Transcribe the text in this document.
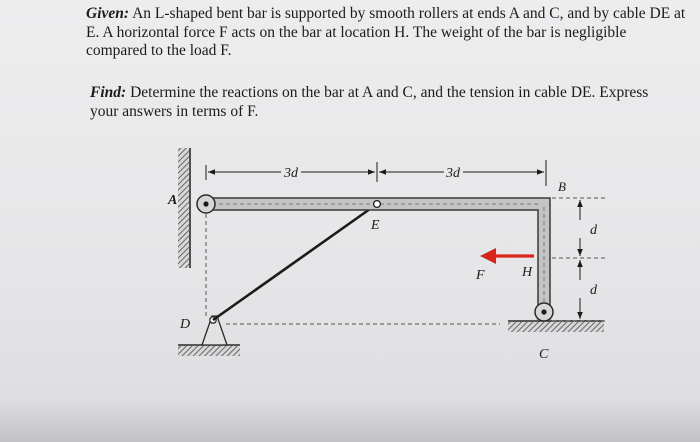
Given: An L-shaped bent bar is supported by smooth rollers at ends A and C, and by cable DE at E. A horizontal force F acts on the bar at location H. The weight of the bar is negligible compared to the load F.

Find: Determine the reactions on the bar at A and C, and the tension in cable DE. Express your answers in terms of F.

3d	3d
d
d
A
B
C
D
E
F	H
